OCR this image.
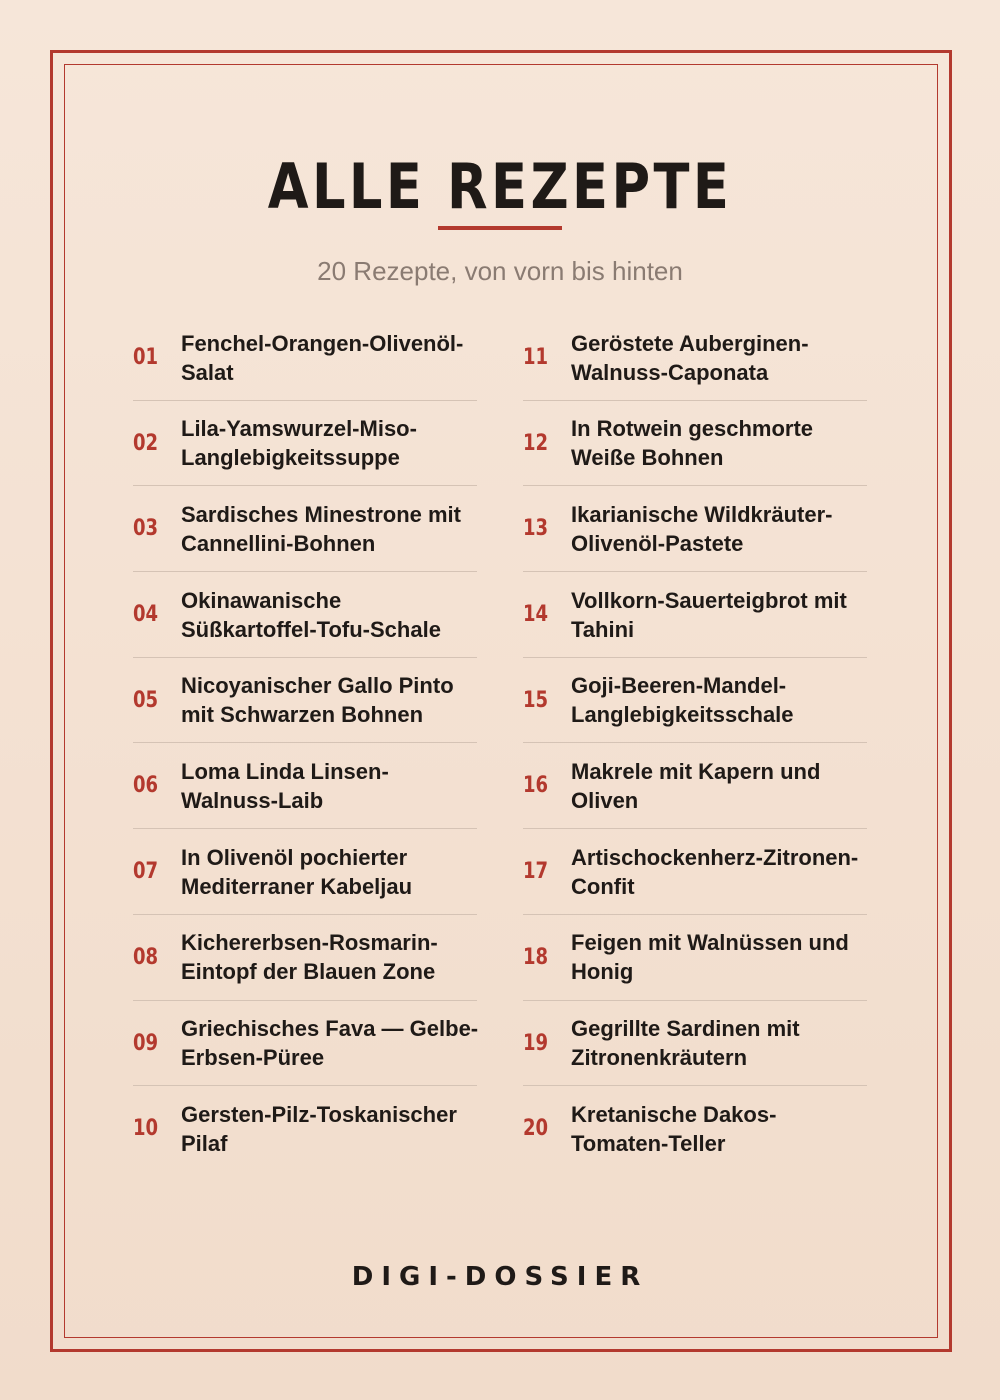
ALLE REZEPTE
20 Rezepte, von vorn bis hinten
01
Fenchel-Orangen-Olivenöl-Salat
02
Lila-Yamswurzel-Miso-Langlebigkeitssuppe
03
Sardisches Minestrone mit Cannellini-Bohnen
04
Okinawanische Süßkartoffel-Tofu-Schale
05
Nicoyanischer Gallo Pinto mit Schwarzen Bohnen
06
Loma Linda Linsen-Walnuss-Laib
07
In Olivenöl pochierter Mediterraner Kabeljau
08
Kichererbsen-Rosmarin-Eintopf der Blauen Zone
09
Griechisches Fava — Gelbe-Erbsen-Püree
10
Gersten-Pilz-Toskanischer Pilaf
11
Geröstete Auberginen-Walnuss-Caponata
12
In Rotwein geschmorte Weiße Bohnen
13
Ikarianische Wildkräuter-Olivenöl-Pastete
14
Vollkorn-Sauerteigbrot mit Tahini
15
Goji-Beeren-Mandel-Langlebigkeitsschale
16
Makrele mit Kapern und Oliven
17
Artischockenherz-Zitronen-Confit
18
Feigen mit Walnüssen und Honig
19
Gegrillte Sardinen mit Zitronenkräutern
20
Kretanische Dakos-Tomaten-Teller
DIGI-DOSSIER
